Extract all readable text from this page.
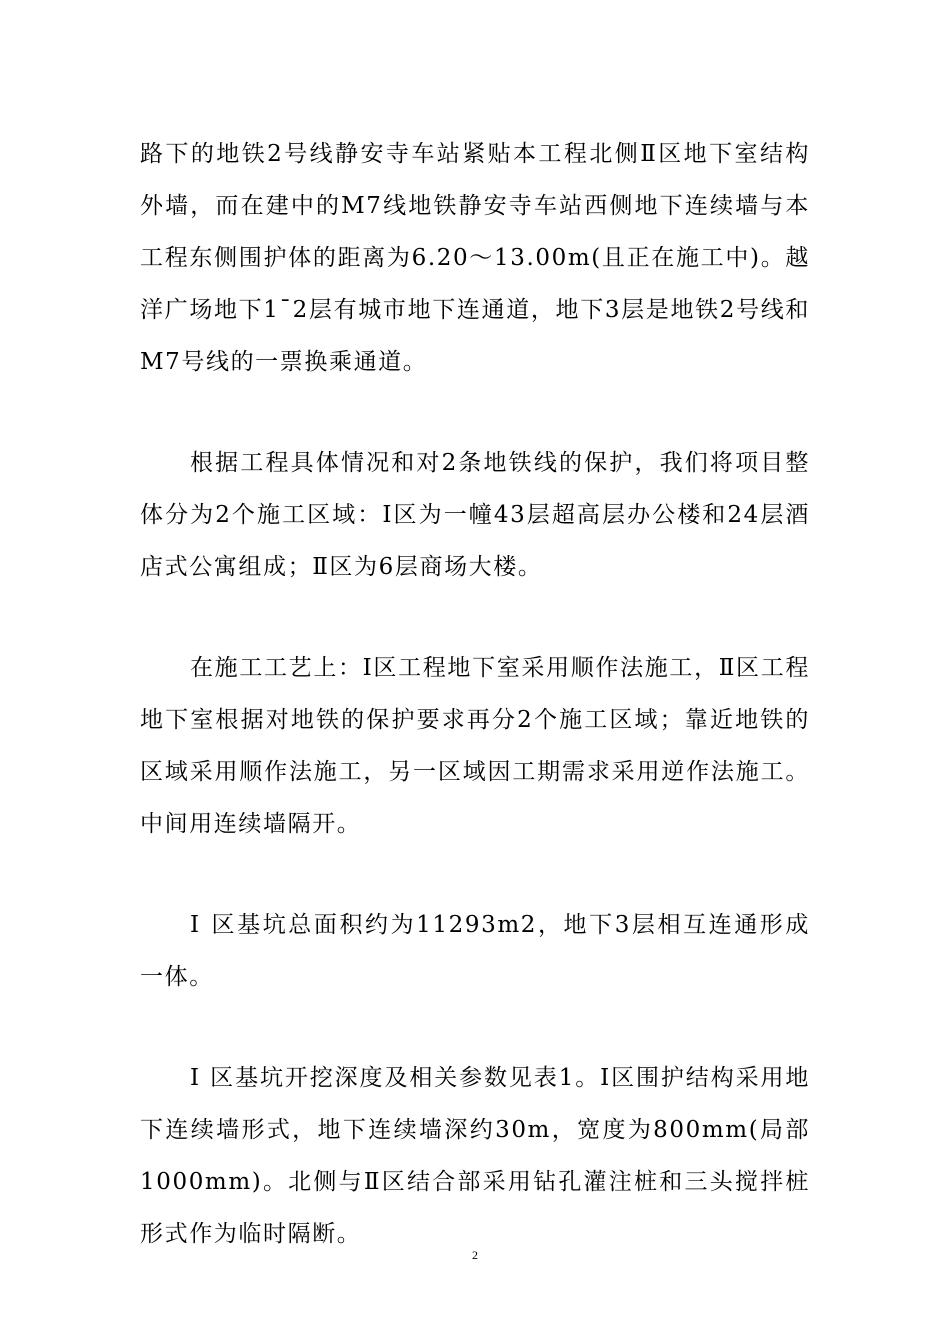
路下的地铁2号线静安寺车站紧贴本工程北侧Ⅱ区地下室结构外墙，而在建中的M7线地铁静安寺车站西侧地下连续墙与本工程东侧围护体的距离为6.20～13.00m(且正在施工中)。越洋广场地下1ˉ2层有城市地下连通道，地下3层是地铁2号线和M7号线的一票换乘通道。

根据工程具体情况和对2条地铁线的保护，我们将项目整体分为2个施工区域：Ⅰ区为一幢43层超高层办公楼和24层酒店式公寓组成；Ⅱ区为6层商场大楼。

在施工工艺上：Ⅰ区工程地下室采用顺作法施工，Ⅱ区工程地下室根据对地铁的保护要求再分2个施工区域；靠近地铁的区域采用顺作法施工，另一区域因工期需求采用逆作法施工。中间用连续墙隔开。

Ⅰ 区基坑总面积约为11293m2，地下3层相互连通形成一体。

Ⅰ 区基坑开挖深度及相关参数见表1。Ⅰ区围护结构采用地下连续墙形式，地下连续墙深约30m，宽度为800mm(局部1000mm)。北侧与Ⅱ区结合部采用钻孔灌注桩和三头搅拌桩形式作为临时隔断。

2
